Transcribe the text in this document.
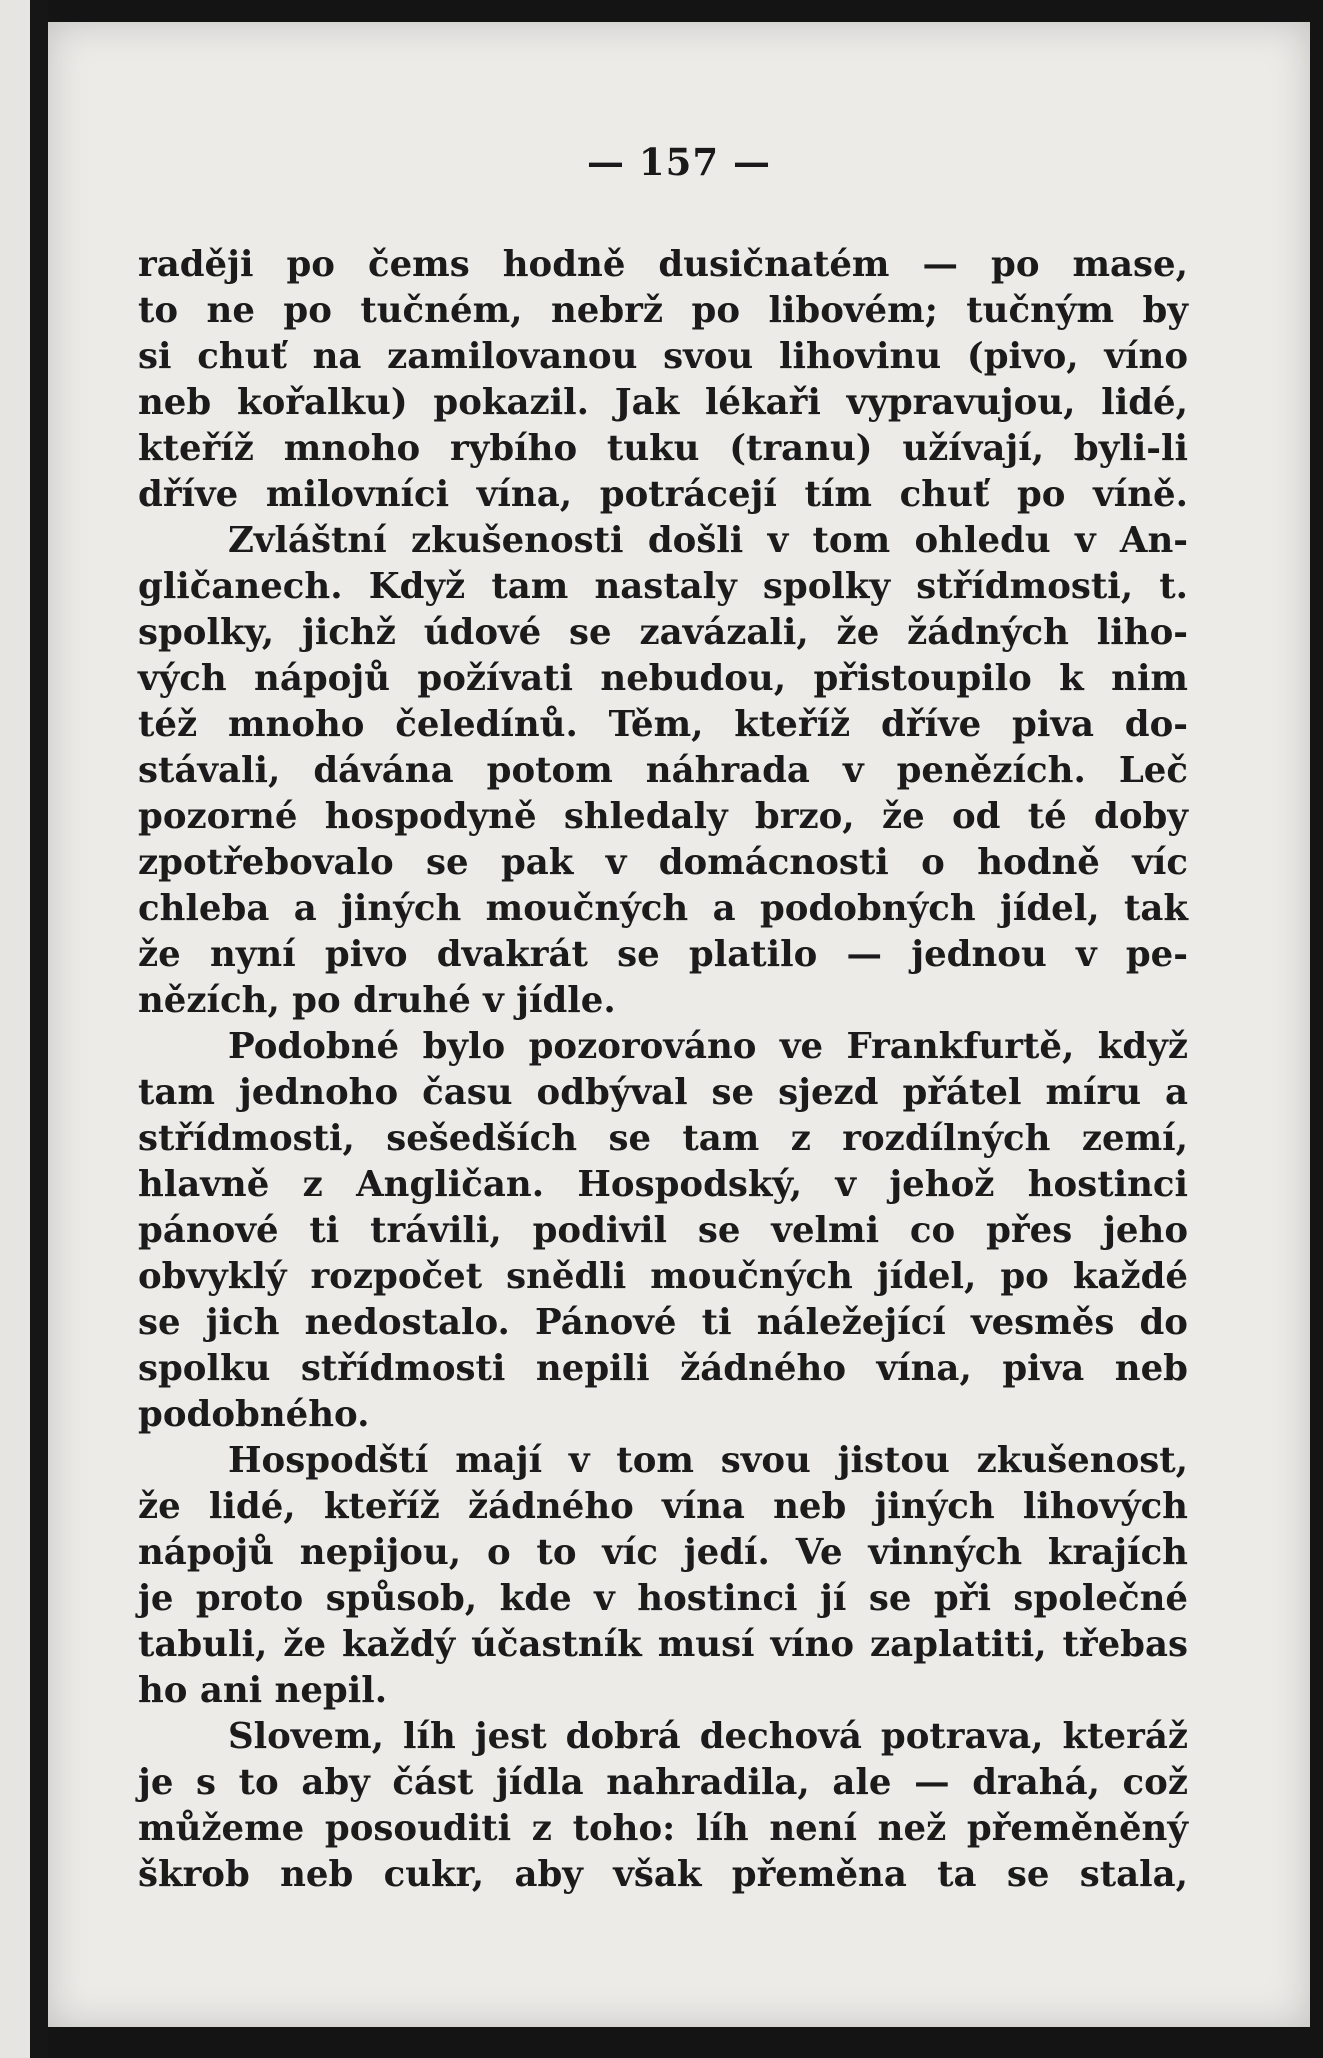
— 157 —
raději po čems hodně dusičnatém — po mase,
to ne po tučném, nebrž po libovém; tučným by
si chuť na zamilovanou svou lihovinu (pivo, víno
neb kořalku) pokazil. Jak lékaři vypravujou, lidé,
kteříž mnoho rybího tuku (tranu) užívají, byli-li
dříve milovníci vína, potrácejí tím chuť po víně.
Zvláštní zkušenosti došli v tom ohledu v An-
gličanech. Když tam nastaly spolky střídmosti, t.
spolky, jichž údové se zavázali, že žádných liho-
vých nápojů požívati nebudou, přistoupilo k nim
též mnoho čeledínů. Těm, kteříž dříve piva do-
stávali, dávána potom náhrada v penězích. Leč
pozorné hospodyně shledaly brzo, že od té doby
zpotřebovalo se pak v domácnosti o hodně víc
chleba a jiných moučných a podobných jídel, tak
že nyní pivo dvakrát se platilo — jednou v pe-
nězích, po druhé v jídle.
Podobné bylo pozorováno ve Frankfurtě, když
tam jednoho času odbýval se sjezd přátel míru a
střídmosti, sešedších se tam z rozdílných zemí,
hlavně z Angličan. Hospodský, v jehož hostinci
pánové ti trávili, podivil se velmi co přes jeho
obvyklý rozpočet snědli moučných jídel, po každé
se jich nedostalo. Pánové ti náležející vesměs do
spolku střídmosti nepili žádného vína, piva neb
podobného.
Hospodští mají v tom svou jistou zkušenost,
že lidé, kteříž žádného vína neb jiných lihových
nápojů nepijou, o to víc jedí. Ve vinných krajích
je proto spůsob, kde v hostinci jí se při společné
tabuli, že každý účastník musí víno zaplatiti, třebas
ho ani nepil.
Slovem, líh jest dobrá dechová potrava, kteráž
je s to aby část jídla nahradila, ale — drahá, což
můžeme posouditi z toho: líh není než přeměněný
škrob neb cukr, aby však přeměna ta se stala,
